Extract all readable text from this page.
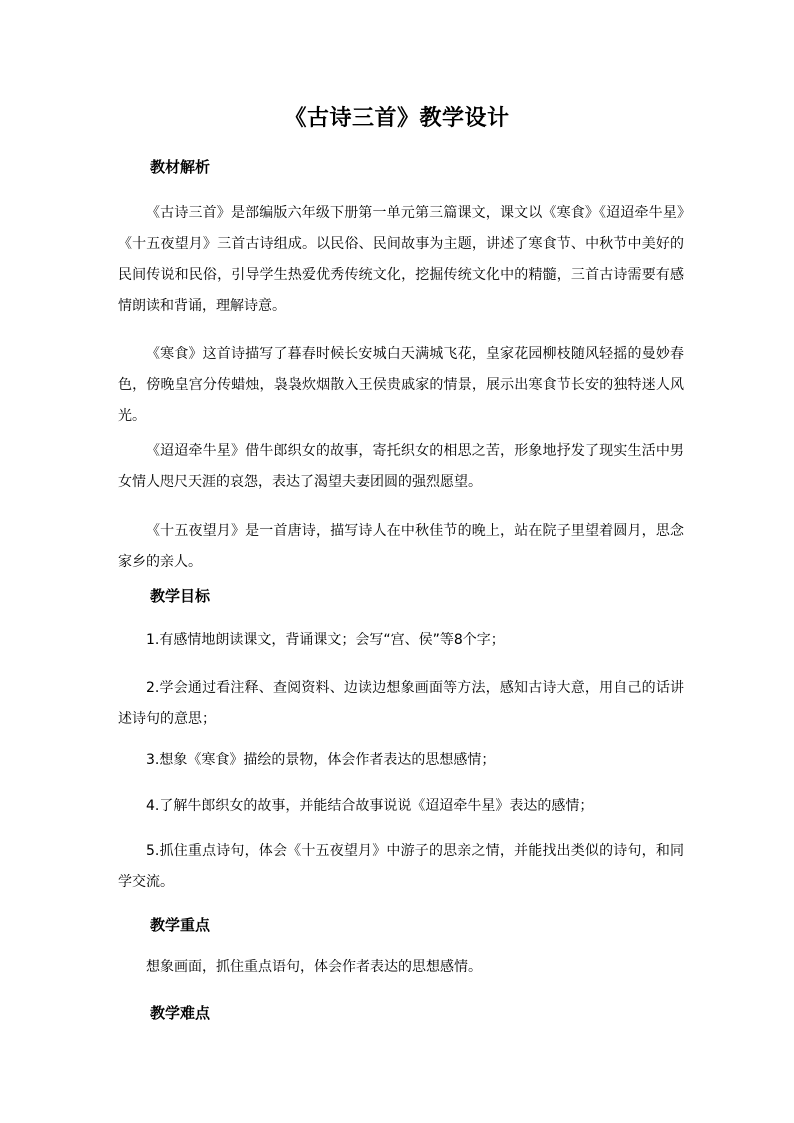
《古诗三首》教学设计
教材解析
《古诗三首》是部编版六年级下册第一单元第三篇课文，课文以《寒食》《迢迢牵牛星》《十五夜望月》三首古诗组成。以民俗、民间故事为主题，讲述了寒食节、中秋节中美好的民间传说和民俗，引导学生热爱优秀传统文化，挖掘传统文化中的精髓，三首古诗需要有感情朗读和背诵，理解诗意。
《寒食》这首诗描写了暮春时候长安城白天满城飞花，皇家花园柳枝随风轻摇的曼妙春色，傍晚皇宫分传蜡烛，袅袅炊烟散入王侯贵戚家的情景，展示出寒食节长安的独特迷人风光。
《迢迢牵牛星》借牛郎织女的故事，寄托织女的相思之苦，形象地抒发了现实生活中男女情人咫尺天涯的哀怨，表达了渴望夫妻团圆的强烈愿望。
《十五夜望月》是一首唐诗，描写诗人在中秋佳节的晚上，站在院子里望着圆月，思念家乡的亲人。
教学目标
1.有感情地朗读课文，背诵课文；会写“宫、侯”等8个字；
2.学会通过看注释、查阅资料、边读边想象画面等方法，感知古诗大意，用自己的话讲述诗句的意思；
3.想象《寒食》描绘的景物，体会作者表达的思想感情；
4.了解牛郎织女的故事，并能结合故事说说《迢迢牵牛星》表达的感情；
5.抓住重点诗句，体会《十五夜望月》中游子的思亲之情，并能找出类似的诗句，和同学交流。
教学重点
想象画面，抓住重点语句，体会作者表达的思想感情。
教学难点
